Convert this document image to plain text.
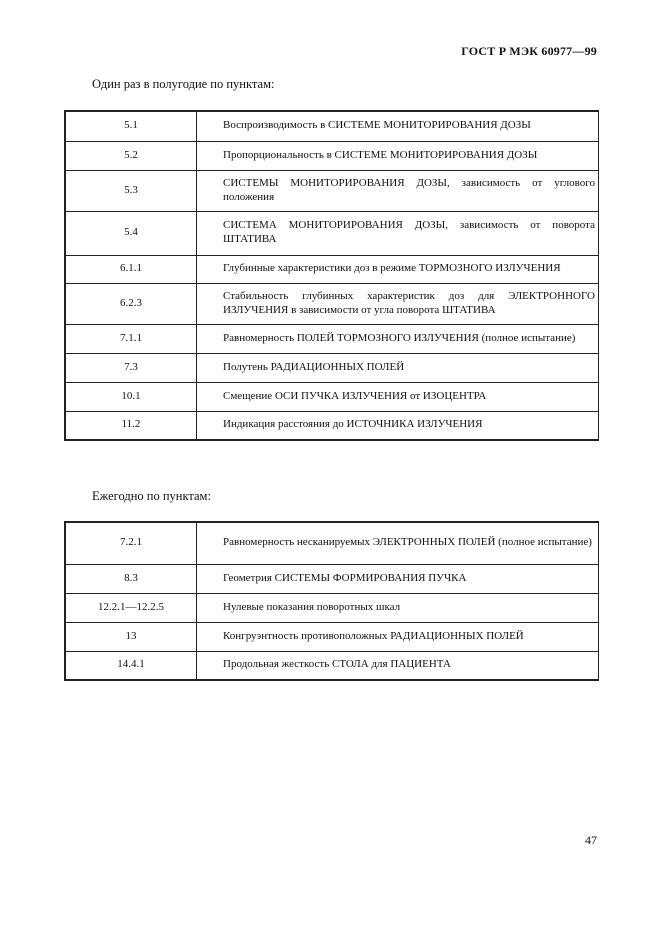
ГОСТ Р МЭК 60977—99
Один раз в полугодие по пунктам:
5.1	Воспроизводимость в СИСТЕМЕ МОНИТОРИРОВАНИЯ ДОЗЫ
5.2	Пропорциональность в СИСТЕМЕ МОНИТОРИРОВАНИЯ ДОЗЫ
5.3	СИСТЕМЫ МОНИТОРИРОВАНИЯ ДОЗЫ, зависимость от углового положения
5.4	СИСТЕМА МОНИТОРИРОВАНИЯ ДОЗЫ, зависимость от поворота ШТАТИВА
6.1.1	Глубинные характеристики доз в режиме ТОРМОЗНОГО ИЗЛУЧЕНИЯ
6.2.3	Стабильность глубинных характеристик доз для ЭЛЕКТРОННОГО ИЗЛУЧЕНИЯ в зависимости от угла поворота ШТАТИВА
7.1.1	Равномерность ПОЛЕЙ ТОРМОЗНОГО ИЗЛУЧЕНИЯ (полное испытание)
7.3	Полутень РАДИАЦИОННЫХ ПОЛЕЙ
10.1	Смещение ОСИ ПУЧКА ИЗЛУЧЕНИЯ от ИЗОЦЕНТРА
11.2	Индикация расстояния до ИСТОЧНИКА ИЗЛУЧЕНИЯ
Ежегодно по пунктам:
7.2.1	Равномерность несканируемых ЭЛЕКТРОННЫХ ПОЛЕЙ (полное испытание)
8.3	Геометрия СИСТЕМЫ ФОРМИРОВАНИЯ ПУЧКА
12.2.1—12.2.5	Нулевые показания поворотных шкал
13	Конгруэнтность противоположных РАДИАЦИОННЫХ ПОЛЕЙ
14.4.1	Продольная жесткость СТОЛА для ПАЦИЕНТА
47
